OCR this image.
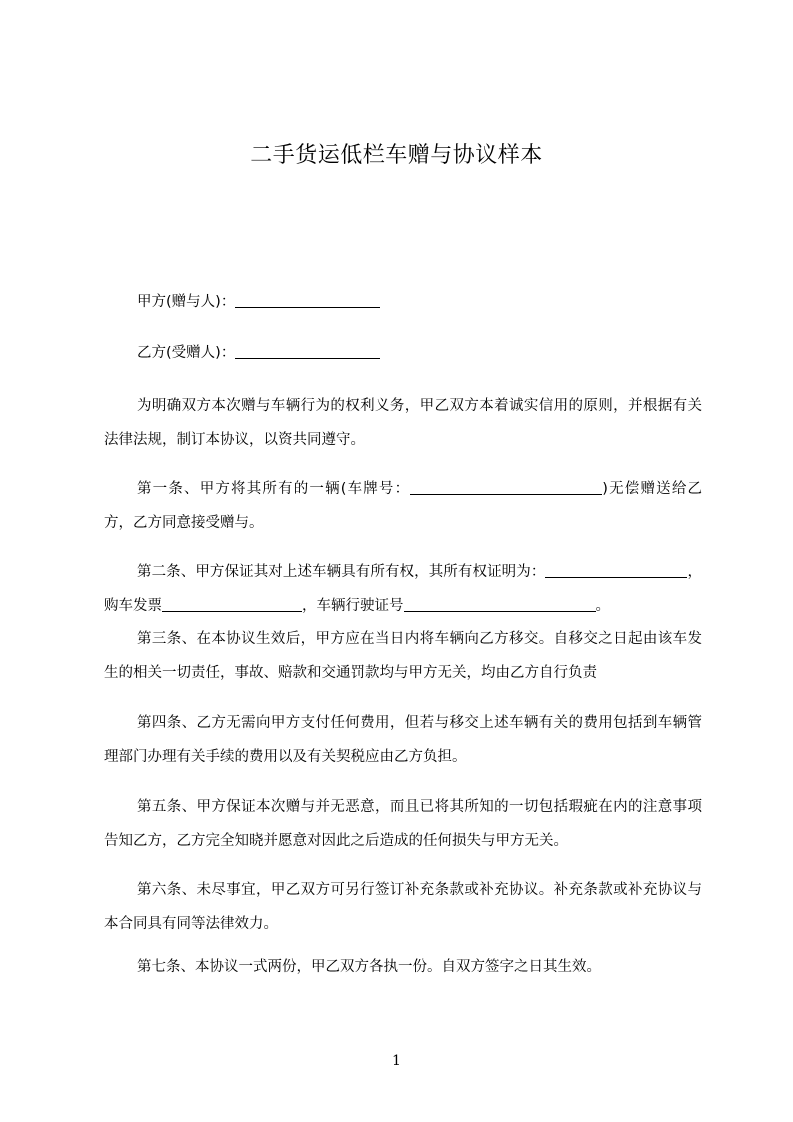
二手货运低栏车赠与协议样本
甲方(赠与人)：
乙方(受赠人)：
为明确双方本次赠与车辆行为的权利义务，甲乙双方本着诚实信用的原则，并根据有关法律法规，制订本协议，以资共同遵守。
第一条、甲方将其所有的一辆(车牌号：	)无偿赠送给乙方，乙方同意接受赠与。
第二条、甲方保证其对上述车辆具有所有权，其所有权证明为：	，购车发票	，车辆行驶证号	。
第三条、在本协议生效后，甲方应在当日内将车辆向乙方移交。自移交之日起由该车发生的相关一切责任，事故、赔款和交通罚款均与甲方无关，均由乙方自行负责
第四条、乙方无需向甲方支付任何费用，但若与移交上述车辆有关的费用包括到车辆管理部门办理有关手续的费用以及有关契税应由乙方负担。
第五条、甲方保证本次赠与并无恶意，而且已将其所知的一切包括瑕疵在内的注意事项告知乙方，乙方完全知晓并愿意对因此之后造成的任何损失与甲方无关。
第六条、未尽事宜，甲乙双方可另行签订补充条款或补充协议。补充条款或补充协议与本合同具有同等法律效力。
第七条、本协议一式两份，甲乙双方各执一份。自双方签字之日其生效。
1
